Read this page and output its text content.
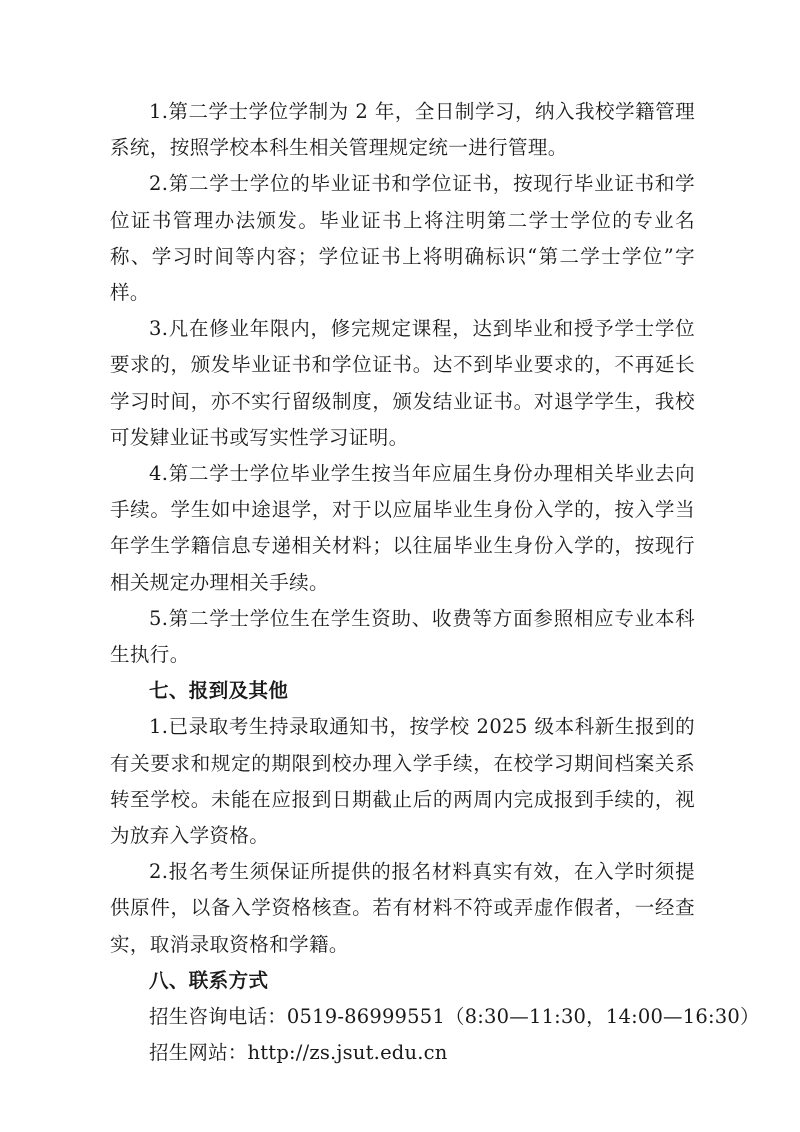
1.第二学士学位学制为 2 年，全日制学习，纳入我校学籍管理系统，按照学校本科生相关管理规定统一进行管理。

2.第二学士学位的毕业证书和学位证书，按现行毕业证书和学位证书管理办法颁发。毕业证书上将注明第二学士学位的专业名称、学习时间等内容；学位证书上将明确标识“第二学士学位”字样。

3.凡在修业年限内，修完规定课程，达到毕业和授予学士学位要求的，颁发毕业证书和学位证书。达不到毕业要求的，不再延长学习时间，亦不实行留级制度，颁发结业证书。对退学学生，我校可发肄业证书或写实性学习证明。

4.第二学士学位毕业学生按当年应届生身份办理相关毕业去向手续。学生如中途退学，对于以应届毕业生身份入学的，按入学当年学生学籍信息专递相关材料；以往届毕业生身份入学的，按现行相关规定办理相关手续。

5.第二学士学位生在学生资助、收费等方面参照相应专业本科生执行。

七、报到及其他

1.已录取考生持录取通知书，按学校 2025 级本科新生报到的有关要求和规定的期限到校办理入学手续，在校学习期间档案关系转至学校。未能在应报到日期截止后的两周内完成报到手续的，视为放弃入学资格。

2.报名考生须保证所提供的报名材料真实有效，在入学时须提供原件，以备入学资格核查。若有材料不符或弄虚作假者，一经查实，取消录取资格和学籍。

八、联系方式

招生咨询电话：0519-86999551（8:30—11:30，14:00—16:30）

招生网站：http://zs.jsut.edu.cn
